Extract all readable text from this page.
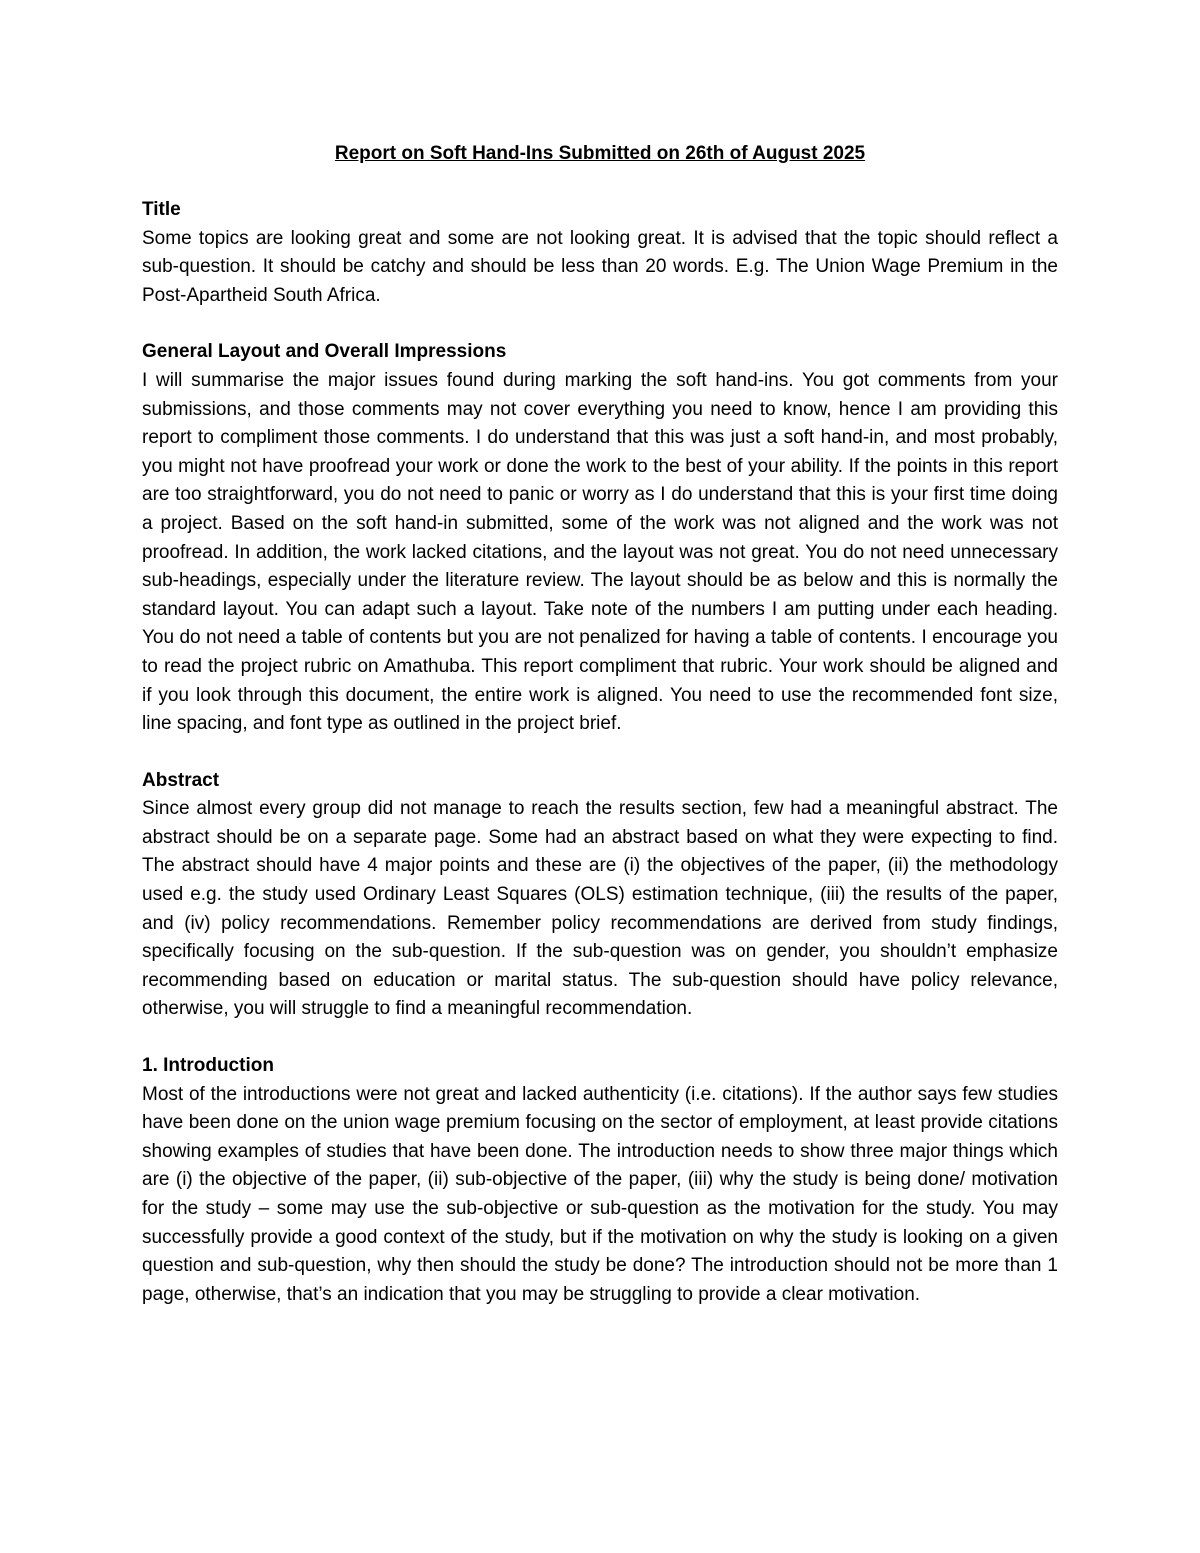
Report on Soft Hand-Ins Submitted on 26th of August 2025
Title

Some topics are looking great and some are not looking great. It is advised that the topic should reflect a sub-question. It should be catchy and should be less than 20 words. E.g. The Union Wage Premium in the Post-Apartheid South Africa.

General Layout and Overall Impressions

I will summarise the major issues found during marking the soft hand-ins. You got comments from your submissions, and those comments may not cover everything you need to know, hence I am providing this report to compliment those comments. I do understand that this was just a soft hand-in, and most probably, you might not have proofread your work or done the work to the best of your ability. If the points in this report are too straightforward, you do not need to panic or worry as I do understand that this is your first time doing a project. Based on the soft hand-in submitted, some of the work was not aligned and the work was not proofread. In addition, the work lacked citations, and the layout was not great. You do not need unnecessary sub-headings, especially under the literature review. The layout should be as below and this is normally the standard layout. You can adapt such a layout. Take note of the numbers I am putting under each heading. You do not need a table of contents but you are not penalized for having a table of contents. I encourage you to read the project rubric on Amathuba. This report compliment that rubric. Your work should be aligned and if you look through this document, the entire work is aligned. You need to use the recommended font size, line spacing, and font type as outlined in the project brief.

Abstract

Since almost every group did not manage to reach the results section, few had a meaningful abstract. The abstract should be on a separate page. Some had an abstract based on what they were expecting to find. The abstract should have 4 major points and these are (i) the objectives of the paper, (ii) the methodology used e.g. the study used Ordinary Least Squares (OLS) estimation technique, (iii) the results of the paper, and (iv) policy recommendations. Remember policy recommendations are derived from study findings, specifically focusing on the sub-question. If the sub-question was on gender, you shouldn’t emphasize recommending based on education or marital status. The sub-question should have policy relevance, otherwise, you will struggle to find a meaningful recommendation.

1. Introduction

Most of the introductions were not great and lacked authenticity (i.e. citations). If the author says few studies have been done on the union wage premium focusing on the sector of employment, at least provide citations showing examples of studies that have been done. The introduction needs to show three major things which are (i) the objective of the paper, (ii) sub-objective of the paper, (iii) why the study is being done/ motivation for the study – some may use the sub-objective or sub-question as the motivation for the study. You may successfully provide a good context of the study, but if the motivation on why the study is looking on a given question and sub-question, why then should the study be done? The introduction should not be more than 1 page, otherwise, that’s an indication that you may be struggling to provide a clear motivation.
